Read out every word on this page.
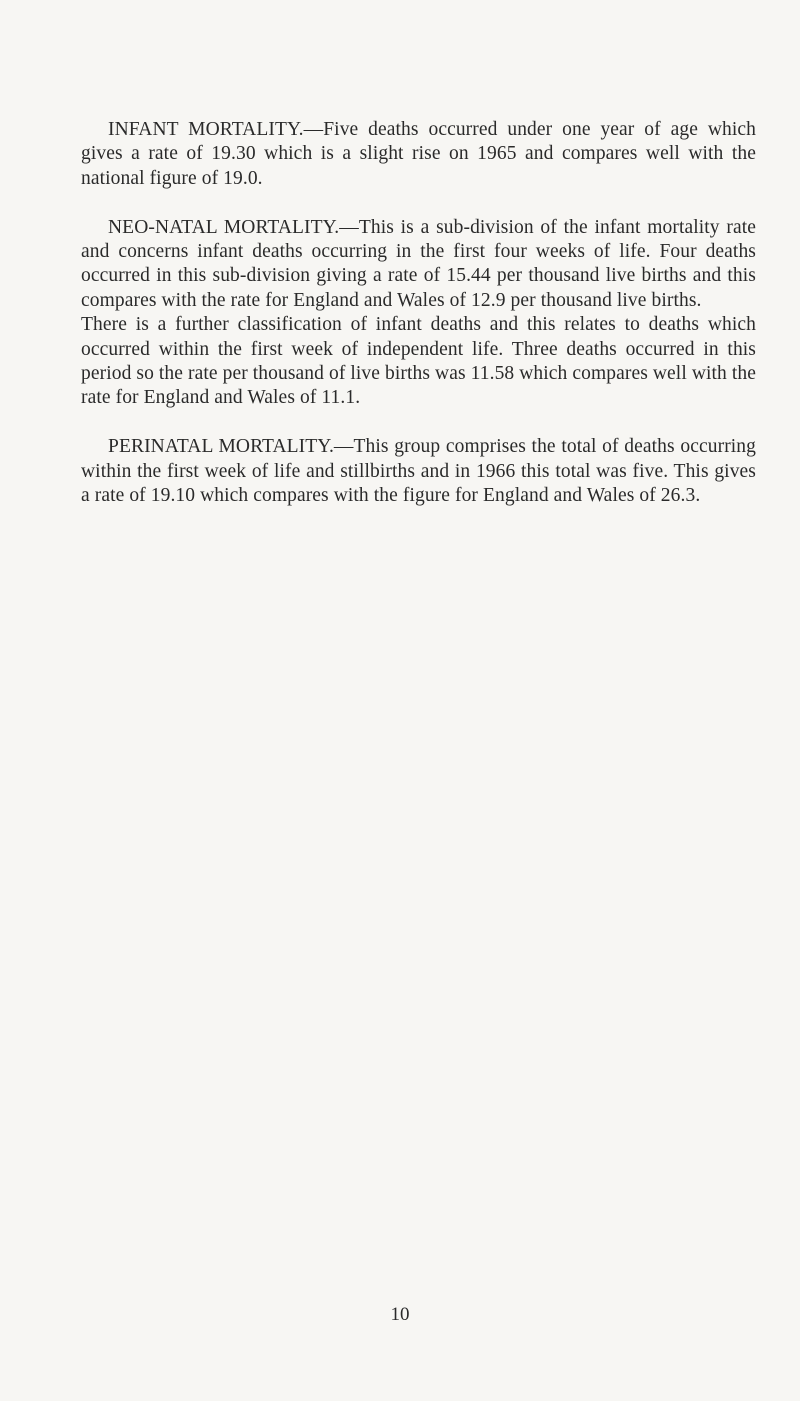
INFANT MORTALITY.—Five deaths occurred under one year of age which gives a rate of 19.30 which is a slight rise on 1965 and compares well with the national figure of 19.0.

NEO-NATAL MORTALITY.—This is a sub-division of the infant mortality rate and concerns infant deaths occurring in the first four weeks of life. Four deaths occurred in this sub-division giving a rate of 15.44 per thousand live births and this compares with the rate for England and Wales of 12.9 per thousand live births.
There is a further classification of infant deaths and this relates to deaths which occurred within the first week of independent life. Three deaths occurred in this period so the rate per thousand of live births was 11.58 which compares well with the rate for England and Wales of 11.1.

PERINATAL MORTALITY.—This group comprises the total of deaths occurring within the first week of life and stillbirths and in 1966 this total was five. This gives a rate of 19.10 which compares with the figure for England and Wales of 26.3.

10
